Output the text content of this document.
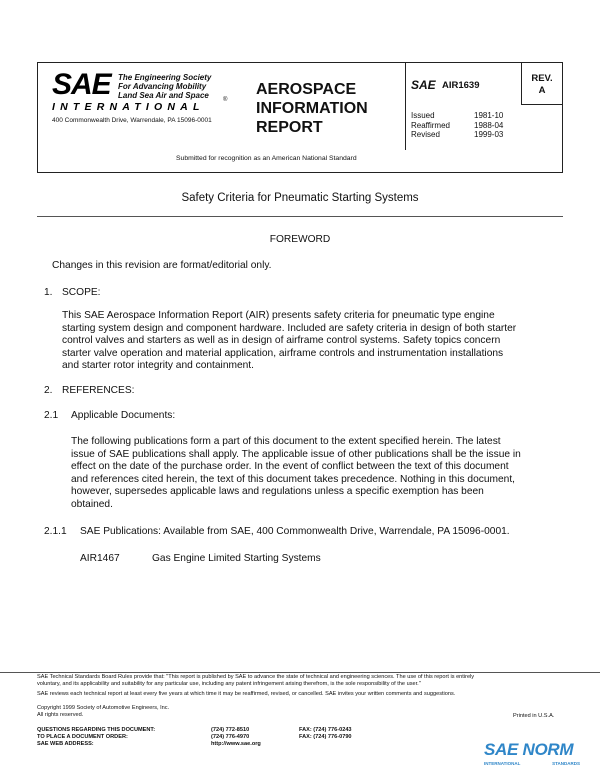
SAE The Engineering Society
For Advancing Mobility
Land Sea Air and Space
INTERNATIONAL
®
400 Commonwealth Drive, Warrendale, PA 15096-0001
AEROSPACE
INFORMATION
REPORT
SAE AIR1639
REV.
A
Issued	1981-10
Reaffirmed	1988-04
Revised	1999-03
Submitted for recognition as an American National Standard
Safety Criteria for Pneumatic Starting Systems
FOREWORD
Changes in this revision are format/editorial only.
1. SCOPE:
This SAE Aerospace Information Report (AIR) presents safety criteria for pneumatic type engine
starting system design and component hardware. Included are safety criteria in design of both starter
control valves and starters as well as in design of airframe control systems. Safety topics concern
starter valve operation and material application, airframe controls and instrumentation installations
and starter rotor integrity and containment.
2. REFERENCES:
2.1 Applicable Documents:
The following publications form a part of this document to the extent specified herein. The latest
issue of SAE publications shall apply. The applicable issue of other publications shall be the issue in
effect on the date of the purchase order. In the event of conflict between the text of this document
and references cited herein, the text of this document takes precedence. Nothing in this document,
however, supersedes applicable laws and regulations unless a specific exemption has been
obtained.
2.1.1 SAE Publications: Available from SAE, 400 Commonwealth Drive, Warrendale, PA 15096-0001.
AIR1467	Gas Engine Limited Starting Systems
SAE Technical Standards Board Rules provide that: "This report is published by SAE to advance the state of technical and engineering sciences. The use of this report is entirely
voluntary, and its applicability and suitability for any particular use, including any patent infringement arising therefrom, is the sole responsibility of the user."
SAE reviews each technical report at least every five years at which time it may be reaffirmed, revised, or cancelled. SAE invites your written comments and suggestions.
Copyright 1999 Society of Automotive Engineers, Inc.
All rights reserved.	Printed in U.S.A.
QUESTIONS REGARDING THIS DOCUMENT:	(724) 772-8510	FAX: (724) 776-0243
TO PLACE A DOCUMENT ORDER:	(724) 776-4970	FAX: (724) 776-0790
SAE WEB ADDRESS:	http://www.sae.org	SAE NORM
INTERNATIONAL	STANDARDS
